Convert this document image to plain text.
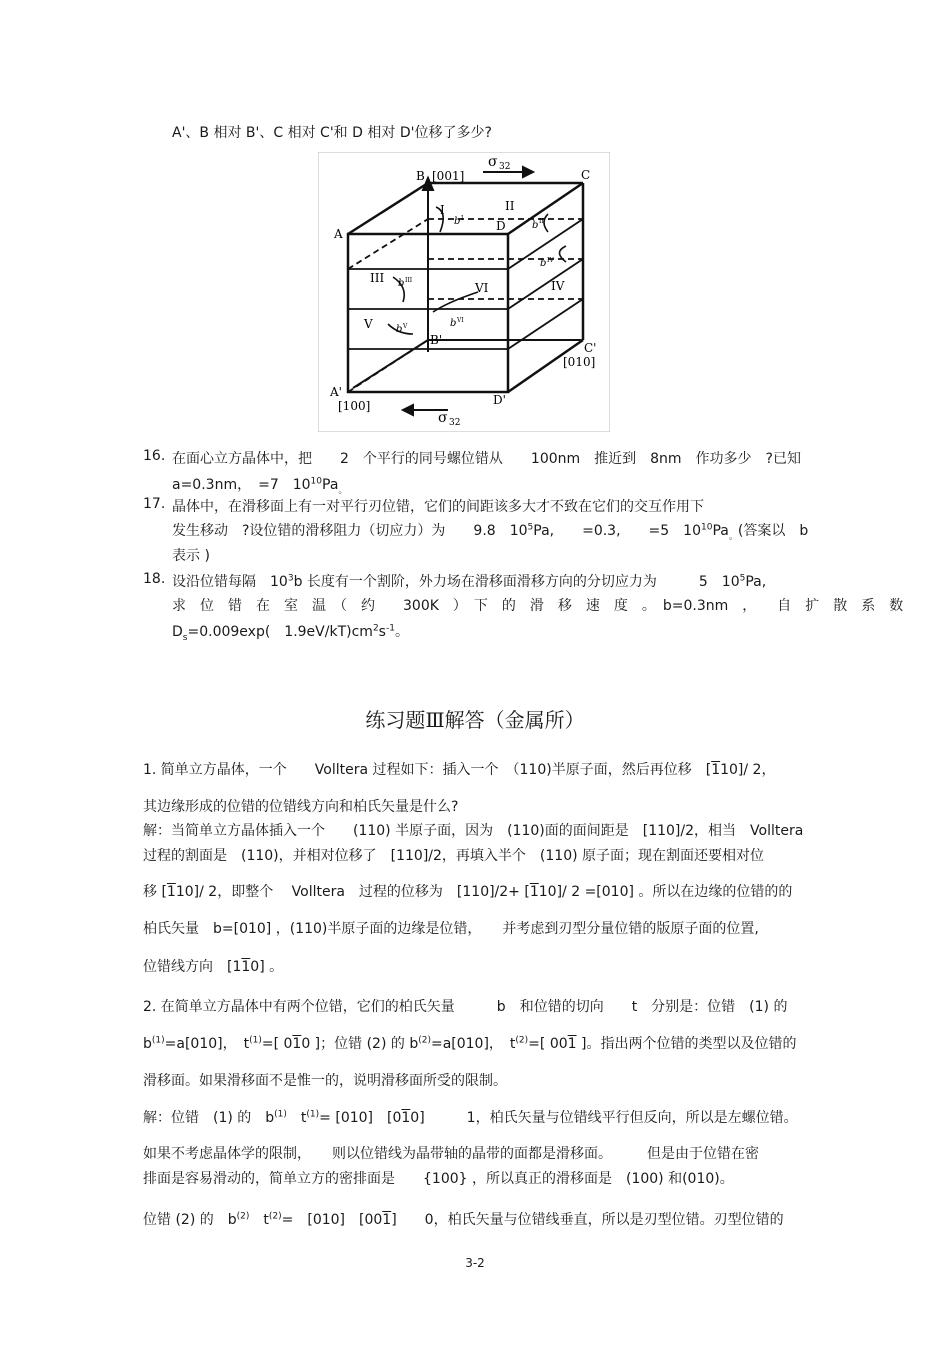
A'、B 相对 B'、C 相对 C'和 D 相对 D'位移了多少?
B [001]
σ 32
C
A
D
I	II
III
IV
V
VI
B'
C'
[010]
A'
[100]	D'
b I
b II
b III
b IV
b V	b VI
σ 32
16. 在面心立方晶体中，把　　2　个平行的同号螺位错从　　100nm　推近到　8nm　作功多少　?已知
a=0.3nm，　=7　$10^{10}Pa_。$
17. 晶体中，在滑移面上有一对平行刃位错，它们的间距该多大才不致在它们的交互作用下
发生移动　?设位错的滑移阻力（切应力）为　　9.8　$10^5Pa$,　　=0.3,　　=5　$10^{10}Pa_。$(答案以　b
表示 )
18. 设沿位错每隔　$10^3b$ 长度有一个割阶，外力场在滑移面滑移方向的分切应力为　　　5　$10^5Pa$,
求　位　错　在　室　温　（　约　　300K　）　下　的　滑　移　速　度　。　b=0.3nm　，　　自　扩　散　系　数
$D_s=0.009\exp$(　$1.9eV/kT)cm^2s^{-1}$。
练习题Ⅲ解答（金属所）
1. 简单立方晶体，一个　　Volltera 过程如下：插入一个　（110)半原子面，然后再位移　[110]/ 2，
其边缘形成的位错的位错线方向和柏氏矢量是什么?
解：当简单立方晶体插入一个　　(110) 半原子面，因为　(110)面的面间距是　[110]/2，相当　Volltera
过程的割面是　(110)，并相对位移了　[110]/2，再填入半个　(110) 原子面；现在割面还要相对位
移 [110]/ 2，即整个　 Volltera　过程的位移为　[110]/2+ [110]/ 2 =[010] 。所以在边缘的位错的的
柏氏矢量　b=[010] ，(110)半原子面的边缘是位错，　　并考虑到刃型分量位错的版原子面的位置,
位错线方向　[110] 。
2. 在简单立方晶体中有两个位错，它们的柏氏矢量　　　b　和位错的切向　　t　分别是：位错　(1) 的
$b^{(1)}=a[010]$，　$t^{(1)}=$[ 010 ]；位错 (2) 的 $b^{(2)}=a[010]$，　$t^{(2)}=$[ 001 ]。指出两个位错的类型以及位错的
滑移面。如果滑移面不是惟一的，说明滑移面所受的限制。
解：位错　(1) 的　$b^{(1)}$　$t^{(1)}= [010]$　[010]　　　1，柏氏矢量与位错线平行但反向，所以是左螺位错。
如果不考虑晶体学的限制，　　则以位错线为晶带轴的晶带的面都是滑移面。　　　但是由于位错在密
排面是容易滑动的，简单立方的密排面是　　{100} ，所以真正的滑移面是　(100) 和(010)。
位错 (2) 的　$b^{(2)}$　$t^{(2)}=$　[010]　[001]　　0，柏氏矢量与位错线垂直，所以是刃型位错。刃型位错的
3-2
